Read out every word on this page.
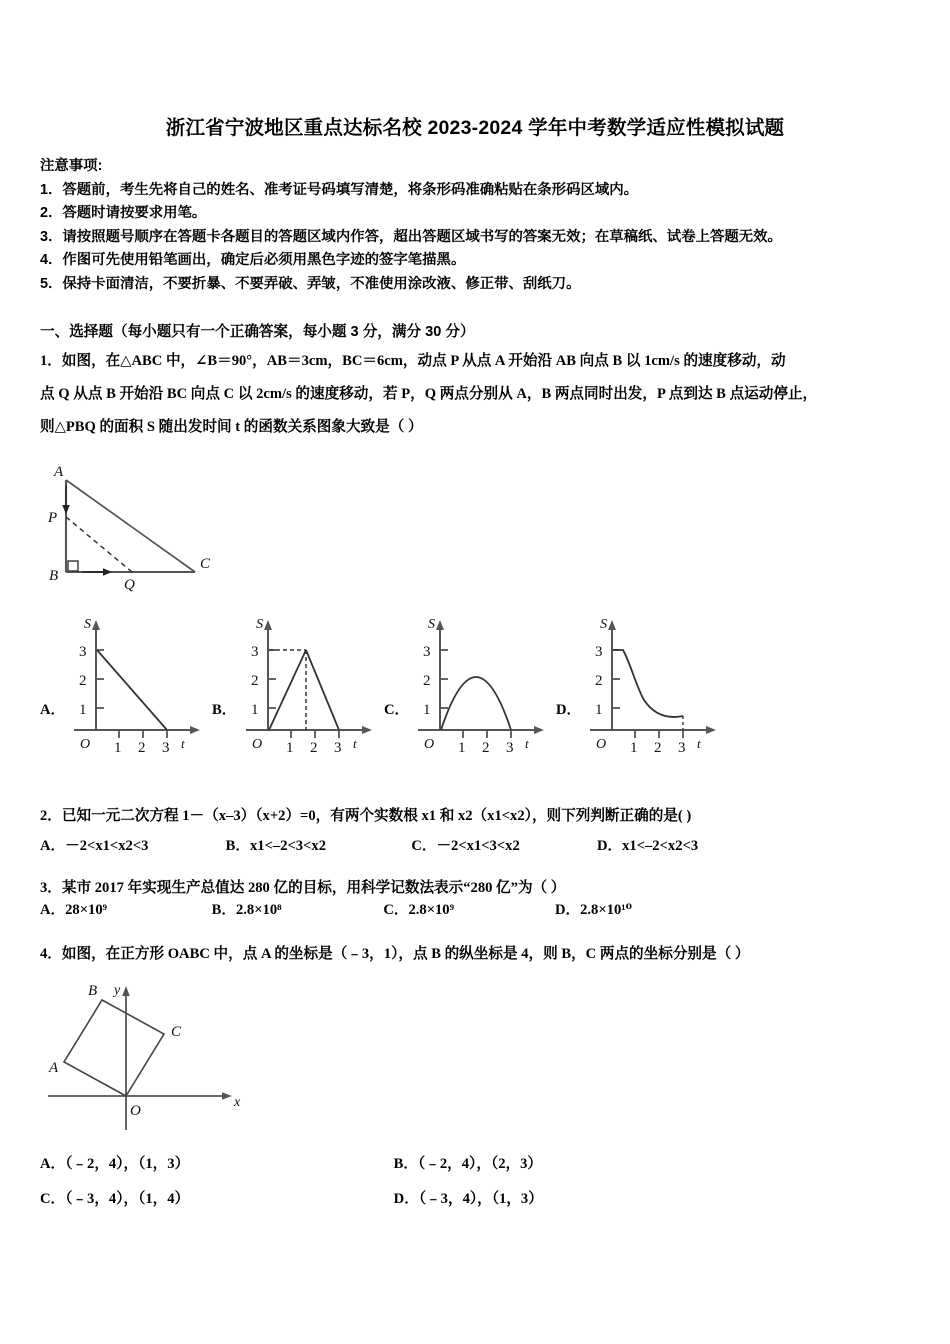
浙江省宁波地区重点达标名校 2023-2024 学年中考数学适应性模拟试题
注意事项:
1．答题前，考生先将自己的姓名、准考证号码填写清楚，将条形码准确粘贴在条形码区域内。
2．答题时请按要求用笔。
3．请按照题号顺序在答题卡各题目的答题区域内作答，超出答题区域书写的答案无效；在草稿纸、试卷上答题无效。
4．作图可先使用铅笔画出，确定后必须用黑色字迹的签字笔描黑。
5．保持卡面清洁，不要折暴、不要弄破、弄皱，不准使用涂改液、修正带、刮纸刀。
一、选择题（每小题只有一个正确答案，每小题 3 分，满分 30 分）
1．如图，在△ABC 中，∠B＝90°，AB＝3cm，BC＝6cm，动点 P 从点 A 开始沿 AB 向点 B 以 1cm/s 的速度移动，动
点 Q 从点 B 开始沿 BC 向点 C 以 2cm/s 的速度移动，若 P，Q 两点分别从 A，B 两点同时出发，P 点到达 B 点运动停止，
则△PBQ 的面积 S 随出发时间 t 的函数关系图象大致是（ ）
A
P
B
Q
C
A．
S
t
O
3
2
1
1 2 3
B．
S
t
O
3
2
1
1 2 3
C．
S
t
O
3
2
1
1 2 3
D．
S
t
O
3
2
1
1 2 3
2．已知一元二次方程 1－（x–3）（x+2）=0，有两个实数根 x1 和 x2（x1<x2），则下列判断正确的是( )
A．－2<x1<x2<3	B．x1<–2<3<x2	C．－2<x1<3<x2	D．x1<–2<x2<3
3．某市 2017 年实现生产总值达 280 亿的目标，用科学记数法表示“280 亿”为（ ）
A．28×10⁹	B．2.8×10⁸	C．2.8×10⁹	D．2.8×10¹⁰
4．如图，在正方形 OABC 中，点 A 的坐标是（﹣3，1），点 B 的纵坐标是 4，则 B，C 两点的坐标分别是（ ）
B
C
A
O
y
x
A．（﹣2，4），（1，3）	B．（﹣2，4），（2，3）
C．（﹣3，4），（1，4）	D．（﹣3，4），（1，3）
